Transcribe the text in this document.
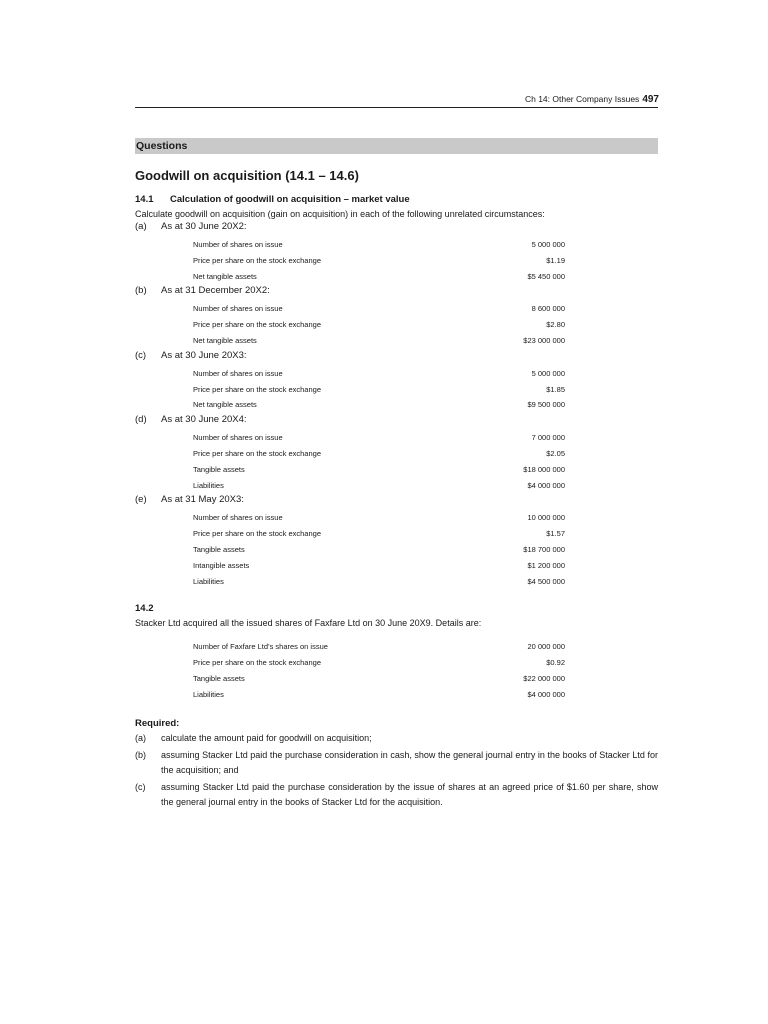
Ch 14: Other Company Issues 497
Questions
Goodwill on acquisition (14.1 – 14.6)
14.1 Calculation of goodwill on acquisition – market value
Calculate goodwill on acquisition (gain on acquisition) in each of the following unrelated circumstances:
(a) As at 30 June 20X2:
Number of shares on issue	5 000 000
Price per share on the stock exchange	$1.19
Net tangible assets	$5 450 000
(b) As at 31 December 20X2:
Number of shares on issue	8 600 000
Price per share on the stock exchange	$2.80
Net tangible assets	$23 000 000
(c) As at 30 June 20X3:
Number of shares on issue	5 000 000
Price per share on the stock exchange	$1.85
Net tangible assets	$9 500 000
(d) As at 30 June 20X4:
Number of shares on issue	7 000 000
Price per share on the stock exchange	$2.05
Tangible assets	$18 000 000
Liabilities	$4 000 000
(e) As at 31 May 20X3:
Number of shares on issue	10 000 000
Price per share on the stock exchange	$1.57
Tangible assets	$18 700 000
Intangible assets	$1 200 000
Liabilities	$4 500 000
14.2
Stacker Ltd acquired all the issued shares of Faxfare Ltd on 30 June 20X9. Details are:
Number of Faxfare Ltd’s shares on issue	20 000 000
Price per share on the stock exchange	$0.92
Tangible assets	$22 000 000
Liabilities	$4 000 000
Required:
(a) calculate the amount paid for goodwill on acquisition;
(b) assuming Stacker Ltd paid the purchase consideration in cash, show the general journal entry in the books of Stacker Ltd for the acquisition; and
(c) assuming Stacker Ltd paid the purchase consideration by the issue of shares at an agreed price of $1.60 per share, show the general journal entry in the books of Stacker Ltd for the acquisition.
